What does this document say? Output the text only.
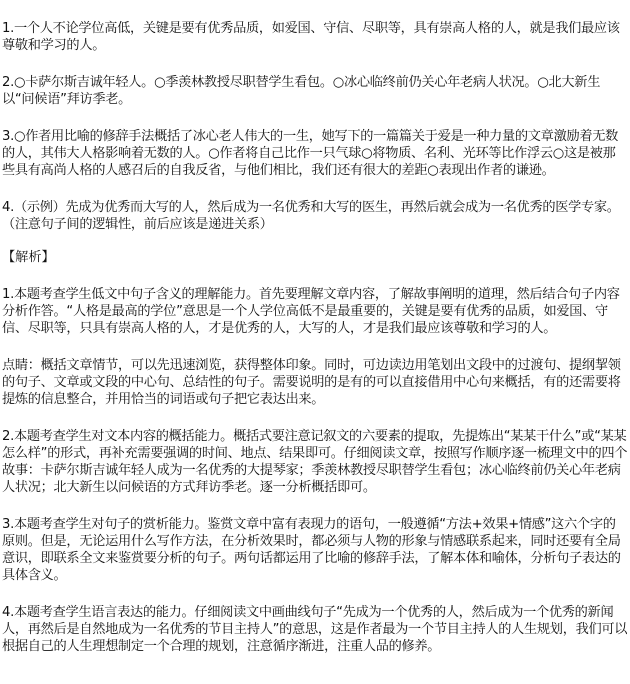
1.一个人不论学位高低，关键是要有优秀品质，如爱国、守信、尽职等，具有崇高人格的人，就是我们最应该尊敬和学习的人。

2.○卡萨尔斯吉诚年轻人。○季羡林教授尽职替学生看包。○冰心临终前仍关心年老病人状况。○北大新生以“问候语”拜访季老。

3.○作者用比喻的修辞手法概括了冰心老人伟大的一生，她写下的一篇篇关于爱是一种力量的文章激励着无数的人，其伟大人格影响着无数的人。○作者将自己比作一只气球○将物质、名利、光环等比作浮云○这是被那些具有高尚人格的人感召后的自我反省，与他们相比，我们还有很大的差距○表现出作者的谦逊。

4.（示例）先成为优秀而大写的人，然后成为一名优秀和大写的医生，再然后就会成为一名优秀的医学专家。（注意句子间的逻辑性，前后应该是递进关系）

【解析】

1.本题考查学生低文中句子含义的理解能力。首先要理解文章内容，了解故事阐明的道理，然后结合句子内容分析作答。“人格是最高的学位”意思是一个人学位高低不是最重要的，关键是要有优秀的品质，如爱国、守信、尽职等，只具有崇高人格的人，才是优秀的人，大写的人，才是我们最应该尊敬和学习的人。

点睛：概括文章情节，可以先迅速浏览，获得整体印象。同时，可边读边用笔划出文段中的过渡句、提纲挈领的句子、文章或文段的中心句、总结性的句子。需要说明的是有的可以直接借用中心句来概括，有的还需要将提炼的信息整合，并用恰当的词语或句子把它表达出来。

2.本题考查学生对文本内容的概括能力。概括式要注意记叙文的六要素的提取，先提炼出“某某干什么”或“某某怎么样”的形式，再补充需要强调的时间、地点、结果即可。仔细阅读文章，按照写作顺序逐一梳理文中的四个故事：卡萨尔斯吉诚年轻人成为一名优秀的大提琴家；季羡林教授尽职替学生看包；冰心临终前仍关心年老病人状况；北大新生以问候语的方式拜访季老。逐一分析概括即可。

3.本题考查学生对句子的赏析能力。鉴赏文章中富有表现力的语句，一般遵循“方法+效果+情感”这六个字的原则。但是，无论运用什么写作方法，在分析效果时，都必须与人物的形象与情感联系起来，同时还要有全局意识，即联系全文来鉴赏要分析的句子。两句话都运用了比喻的修辞手法，了解本体和喻体，分析句子表达的具体含义。

4.本题考查学生语言表达的能力。仔细阅读文中画曲线句子“先成为一个优秀的人，然后成为一个优秀的新闻人，再然后是自然地成为一名优秀的节目主持人”的意思，这是作者最为一个节目主持人的人生规划，我们可以根据自己的人生理想制定一个合理的规划，注意循序渐进，注重人品的修养。
